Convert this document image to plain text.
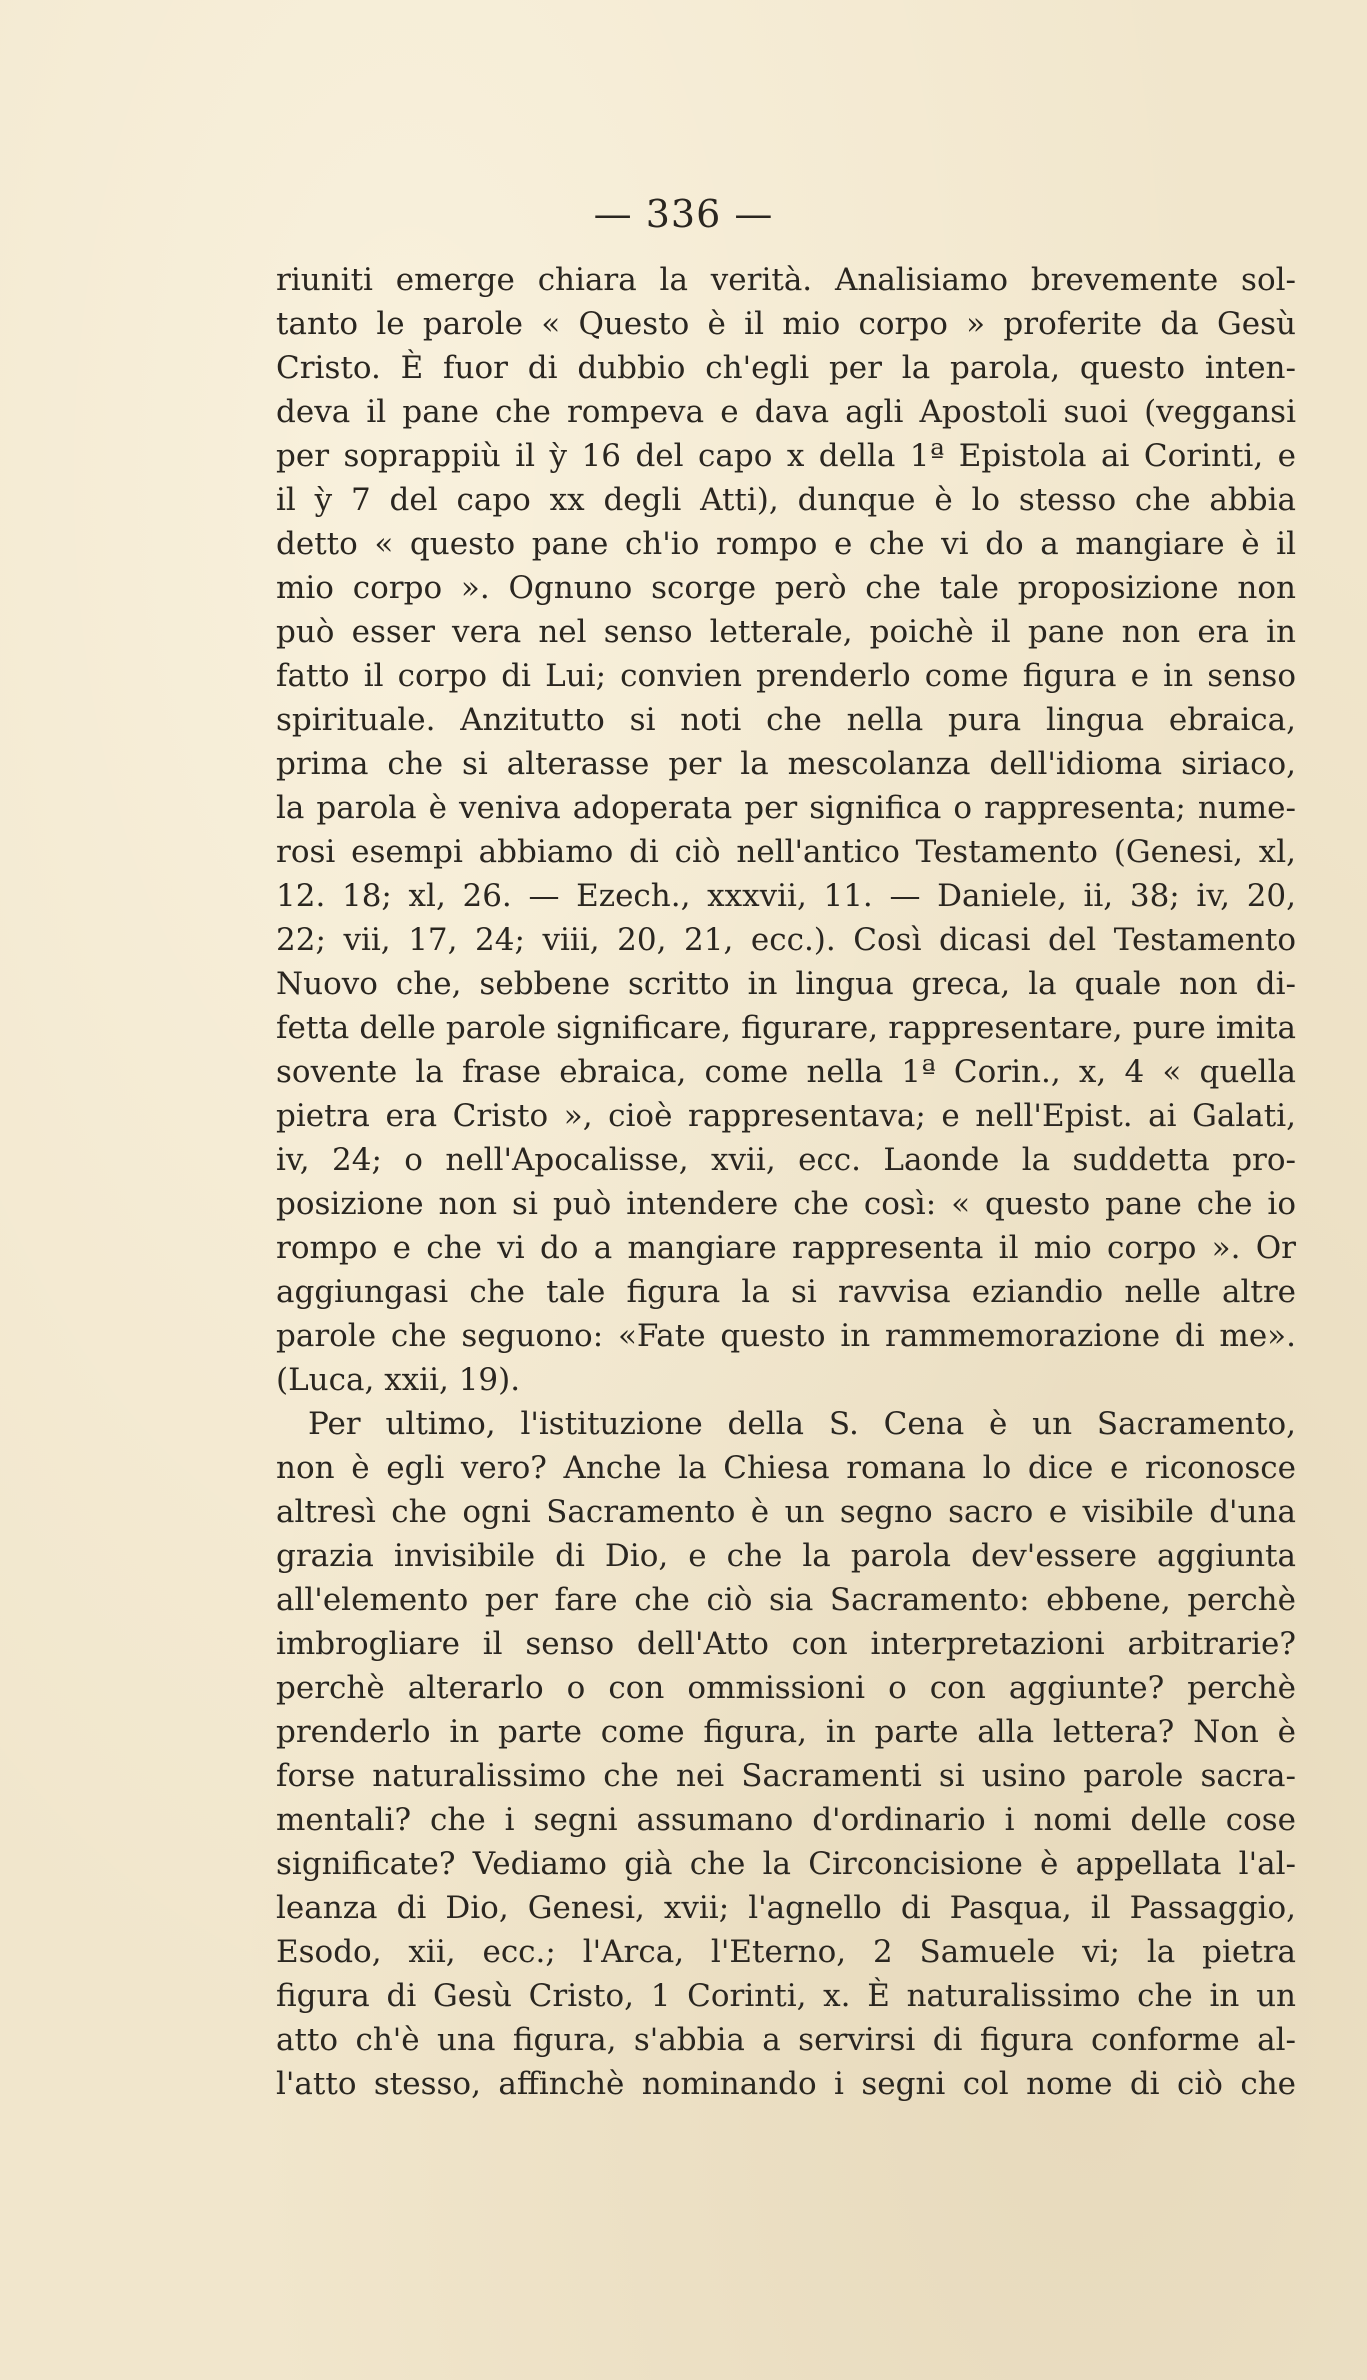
— 336 —
riuniti emerge chiara la verità. Analisiamo brevemente sol-
tanto le parole « Questo è il mio corpo » proferite da Gesù
Cristo. È fuor di dubbio ch'egli per la parola, questo inten-
deva il pane che rompeva e dava agli Apostoli suoi (veggansi
per soprappiù il ỳ 16 del capo x della 1ª Epistola ai Corinti, e
il ỳ 7 del capo xx degli Atti), dunque è lo stesso che abbia
detto « questo pane ch'io rompo e che vi do a mangiare è il
mio corpo ». Ognuno scorge però che tale proposizione non
può esser vera nel senso letterale, poichè il pane non era in
fatto il corpo di Lui; convien prenderlo come figura e in senso
spirituale. Anzitutto si noti che nella pura lingua ebraica,
prima che si alterasse per la mescolanza dell'idioma siriaco,
la parola è veniva adoperata per significa o rappresenta; nume-
rosi esempi abbiamo di ciò nell'antico Testamento (Genesi, xl,
12. 18; xl, 26. — Ezech., xxxvii, 11. — Daniele, ii, 38; iv, 20,
22; vii, 17, 24; viii, 20, 21, ecc.). Così dicasi del Testamento
Nuovo che, sebbene scritto in lingua greca, la quale non di-
fetta delle parole significare, figurare, rappresentare, pure imita
sovente la frase ebraica, come nella 1ª Corin., x, 4 « quella
pietra era Cristo », cioè rappresentava; e nell'Epist. ai Galati,
iv, 24; o nell'Apocalisse, xvii, ecc. Laonde la suddetta pro-
posizione non si può intendere che così: « questo pane che io
rompo e che vi do a mangiare rappresenta il mio corpo ». Or
aggiungasi che tale figura la si ravvisa eziandio nelle altre
parole che seguono: «Fate questo in rammemorazione di me».
(Luca, xxii, 19).
Per ultimo, l'istituzione della S. Cena è un Sacramento,
non è egli vero? Anche la Chiesa romana lo dice e riconosce
altresì che ogni Sacramento è un segno sacro e visibile d'una
grazia invisibile di Dio, e che la parola dev'essere aggiunta
all'elemento per fare che ciò sia Sacramento: ebbene, perchè
imbrogliare il senso dell'Atto con interpretazioni arbitrarie?
perchè alterarlo o con ommissioni o con aggiunte? perchè
prenderlo in parte come figura, in parte alla lettera? Non è
forse naturalissimo che nei Sacramenti si usino parole sacra-
mentali? che i segni assumano d'ordinario i nomi delle cose
significate? Vediamo già che la Circoncisione è appellata l'al-
leanza di Dio, Genesi, xvii; l'agnello di Pasqua, il Passaggio,
Esodo, xii, ecc.; l'Arca, l'Eterno, 2 Samuele vi; la pietra
figura di Gesù Cristo, 1 Corinti, x. È naturalissimo che in un
atto ch'è una figura, s'abbia a servirsi di figura conforme al-
l'atto stesso, affinchè nominando i segni col nome di ciò che
